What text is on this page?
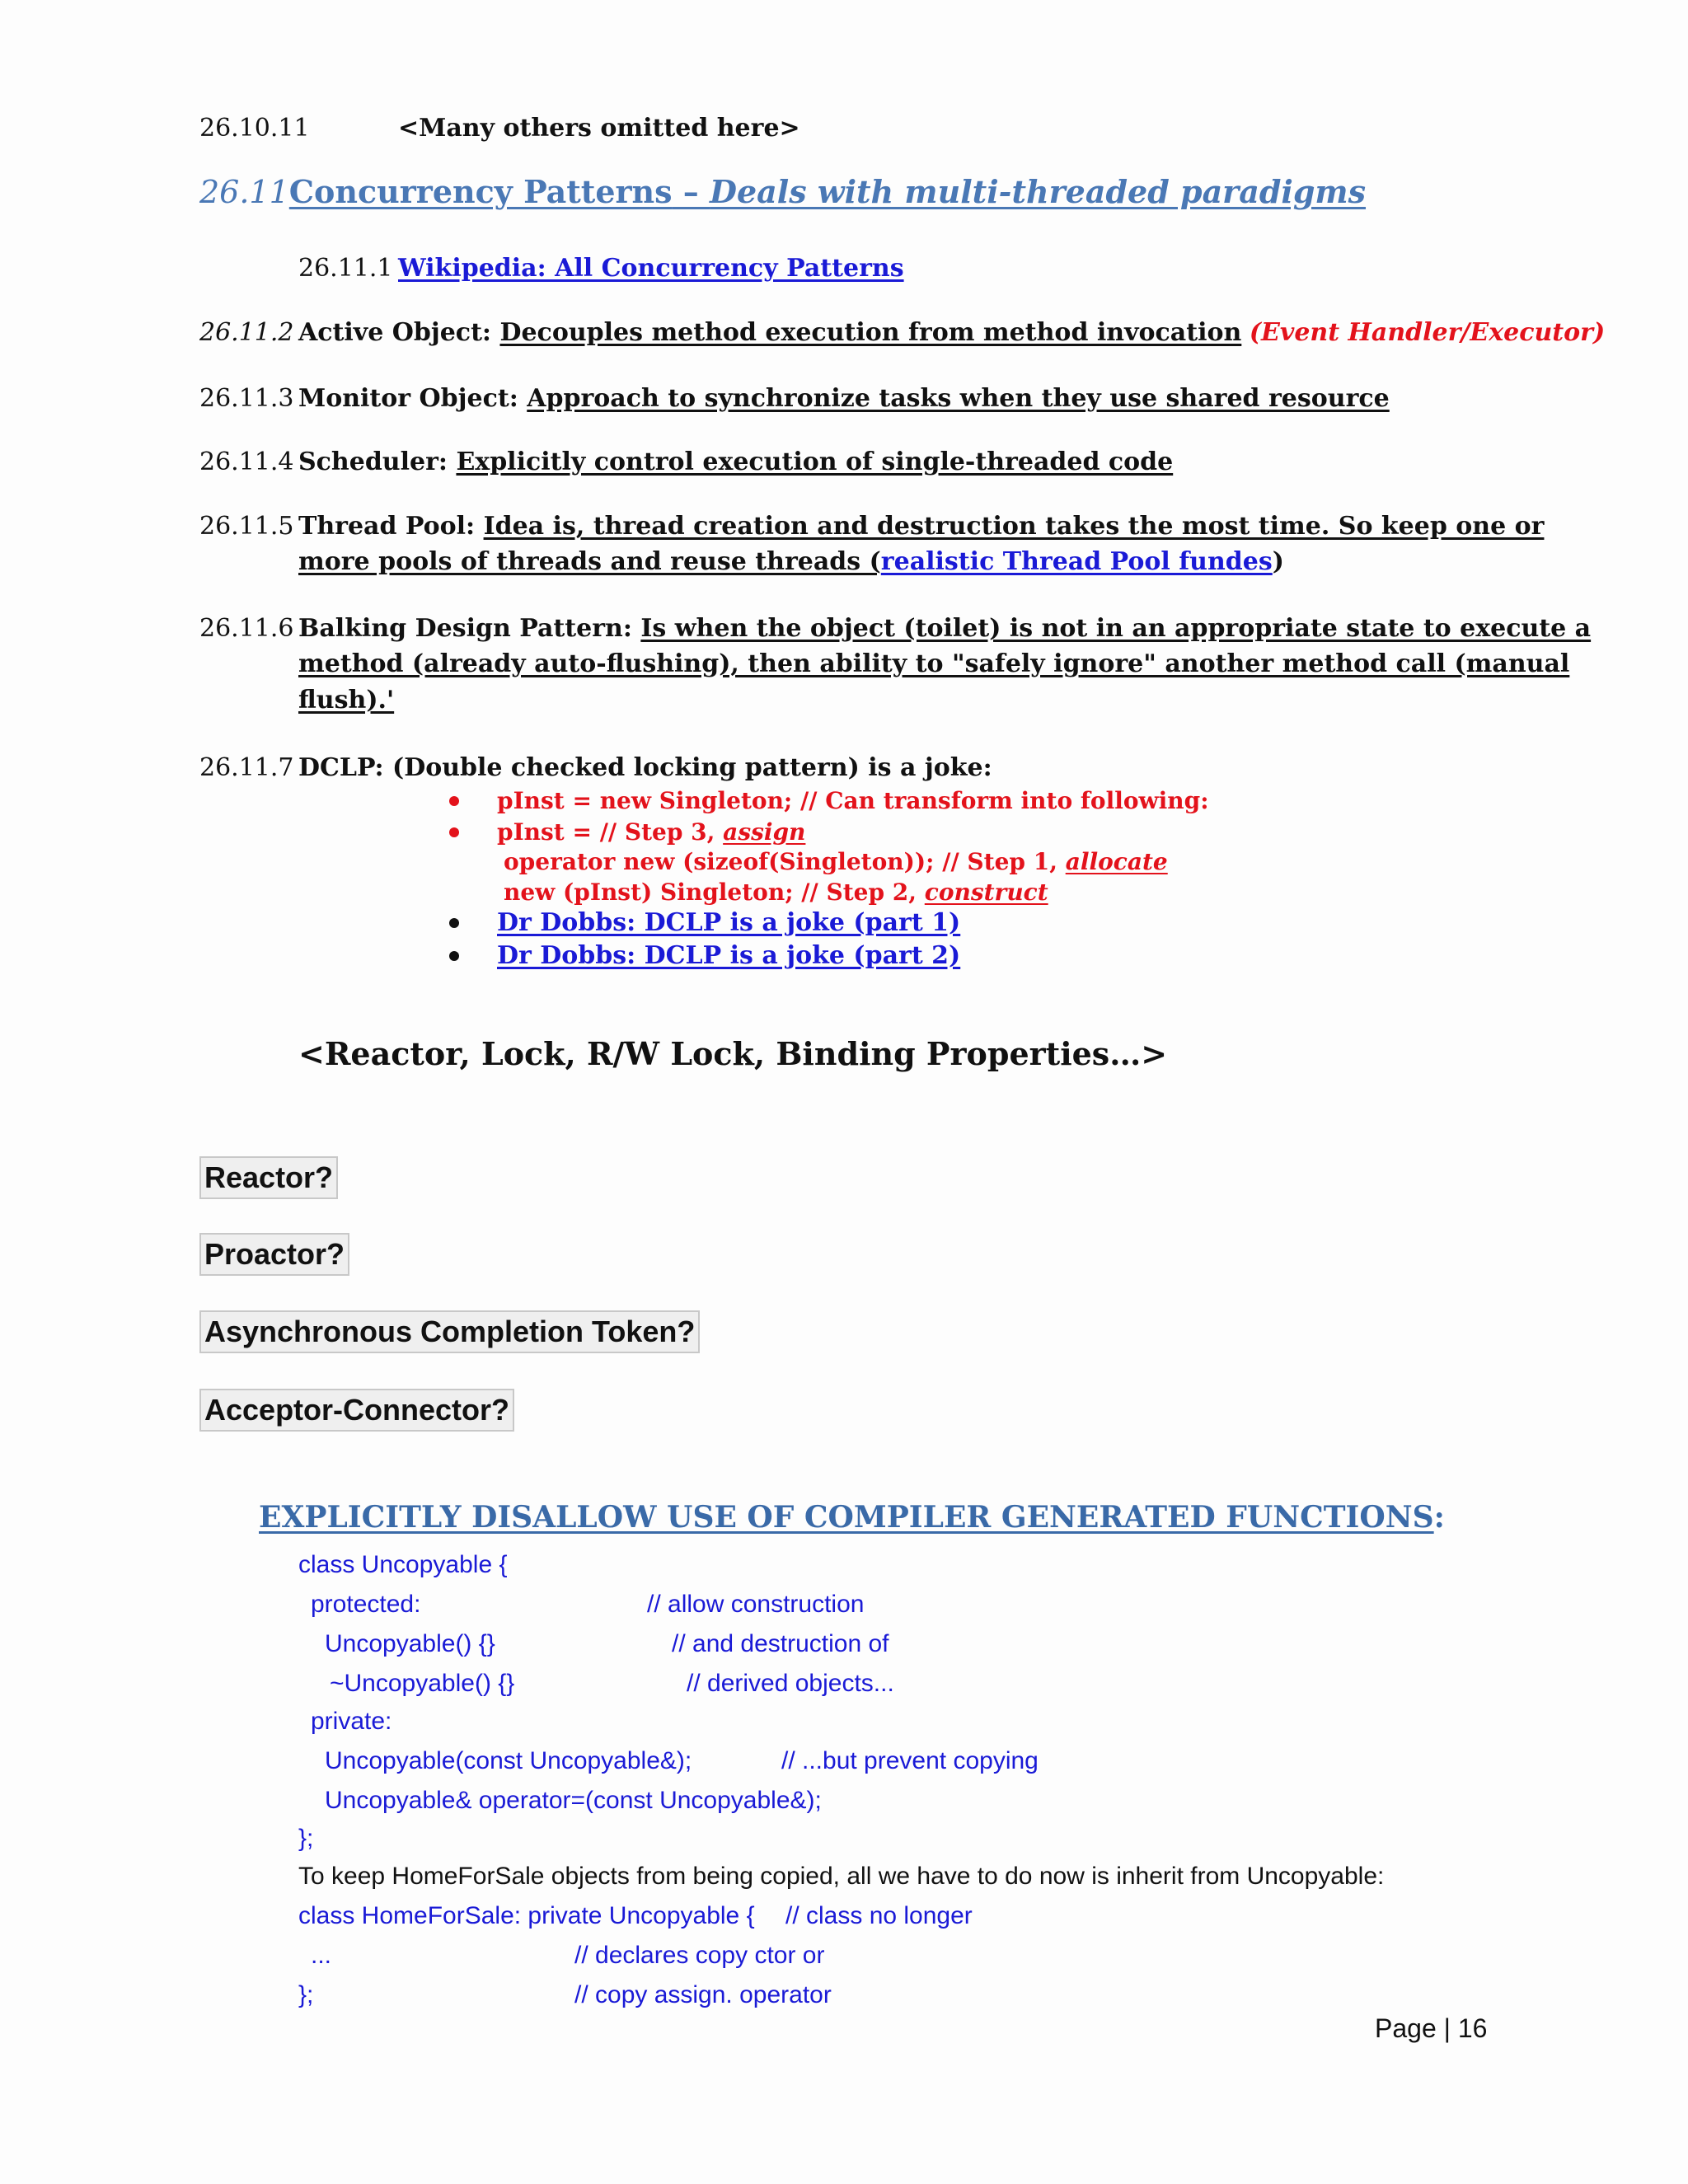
26.10.11	<Many others omitted here>
26.11Concurrency Patterns – Deals with multi-threaded paradigms
26.11.1 Wikipedia: All Concurrency Patterns
26.11.2 Active Object: Decouples method execution from method invocation (Event Handler/Executor)
26.11.3 Monitor Object: Approach to synchronize tasks when they use shared resource
26.11.4 Scheduler: Explicitly control execution of single-threaded code
26.11.5 Thread Pool: Idea is, thread creation and destruction takes the most time. So keep one or
more pools of threads and reuse threads (realistic Thread Pool fundes)
26.11.6 Balking Design Pattern: Is when the object (toilet) is not in an appropriate state to execute a
method (already auto-flushing), then ability to "safely ignore" another method call (manual
flush).'
26.11.7 DCLP: (Double checked locking pattern) is a joke:
pInst = new Singleton; // Can transform into following:
pInst = // Step 3, assign
operator new (sizeof(Singleton)); // Step 1, allocate
new (pInst) Singleton; // Step 2, construct
Dr Dobbs: DCLP is a joke (part 1)
Dr Dobbs: DCLP is a joke (part 2)
<Reactor, Lock, R/W Lock, Binding Properties…>
Reactor?
Proactor?
Asynchronous Completion Token?
Acceptor-Connector?
EXPLICITLY DISALLOW USE OF COMPILER GENERATED FUNCTIONS:
class Uncopyable {
protected:	// allow construction
Uncopyable() {}	// and destruction of
~Uncopyable() {}	// derived objects...
private:
Uncopyable(const Uncopyable&);	// ...but prevent copying
Uncopyable& operator=(const Uncopyable&);
};
To keep HomeForSale objects from being copied, all we have to do now is inherit from Uncopyable:
class HomeForSale: private Uncopyable { // class no longer
...	// declares copy ctor or
};	// copy assign. operator
Page | 16
